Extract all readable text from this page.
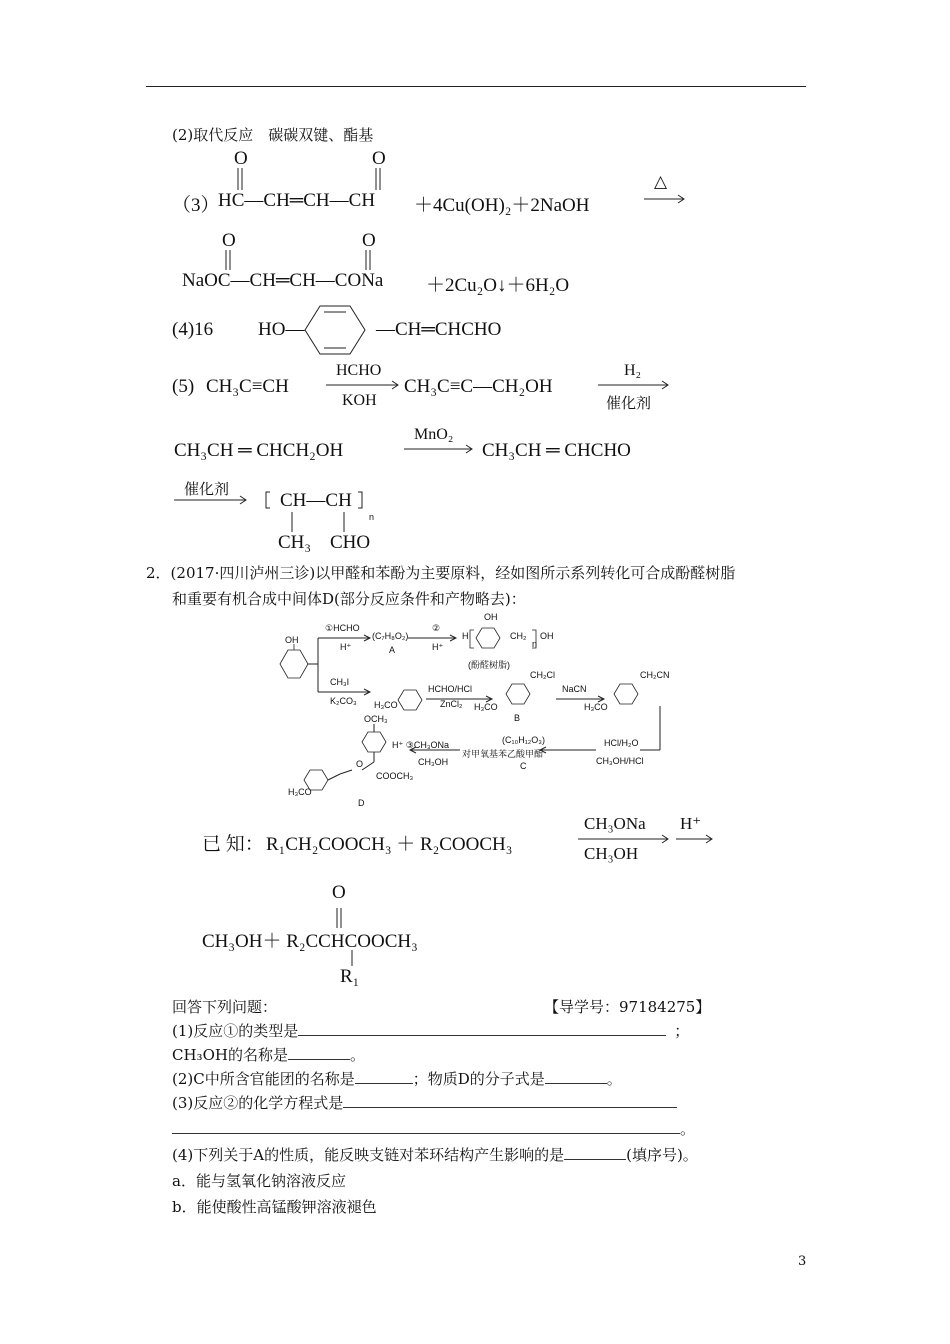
(2)取代反应　碳碳双键、酯基
（3）
O	O
HC—CH═CH—CH ＋4Cu(OH)₂＋2NaOH
△
O	O
NaOC—CH═CH—CONa ＋2Cu₂O↓＋6H₂O
(4)16 HO—	—CH═CHCHO
(5) CH₃C≡CH
HCHO
KOH
CH₃C≡C—CH₂OH
H₂
催化剂
CH₃CH ═ CHCH₂OH
MnO₂
CH₃CH ═ CHCHO
催化剂
CH—CH
n
CH₃ CHO
2．(2017·四川泸州三诊)以甲醛和苯酚为主要原料，经如图所示系列转化可合成酚醛树脂
和重要有机合成中间体D(部分反应条件和产物略去)：
OH
①HCHO
H⁺
(C₇H₈O₂)
A
②
H⁺
OH
H	CH₂
n
OH
(酚醛树脂)
CH₃I
K₂CO₃ H₃CO
HCHO/HCl
ZnCl₂
CH₂Cl
H₃CO
B
NaCN
CH₂CN
H₃CO
HCl/H₂O
CH₃OH/HCl
(C₁₀H₁₂O₃)
对甲氧基苯乙酸甲酯
C
H⁺ ③CH₃ONa
CH₃OH
OCH₃
O
COOCH₃
H₃CO
D
已 知： R₁CH₂COOCH₃ ＋ R₂COOCH₃
CH₃ONa
CH₃OH
H⁺
O
CH₃OH＋ R₂CCHCOOCH₃
R₁
回答下列问题：	【导学号：97184275】
(1)反应①的类型是	；
CH₃OH的名称是	。
(2)C中所含官能团的名称是	；物质D的分子式是	。
(3)反应②的化学方程式是
。
(4)下列关于A的性质，能反映支链对苯环结构产生影响的是	(填序号)。
a．能与氢氧化钠溶液反应
b．能使酸性高锰酸钾溶液褪色
3
